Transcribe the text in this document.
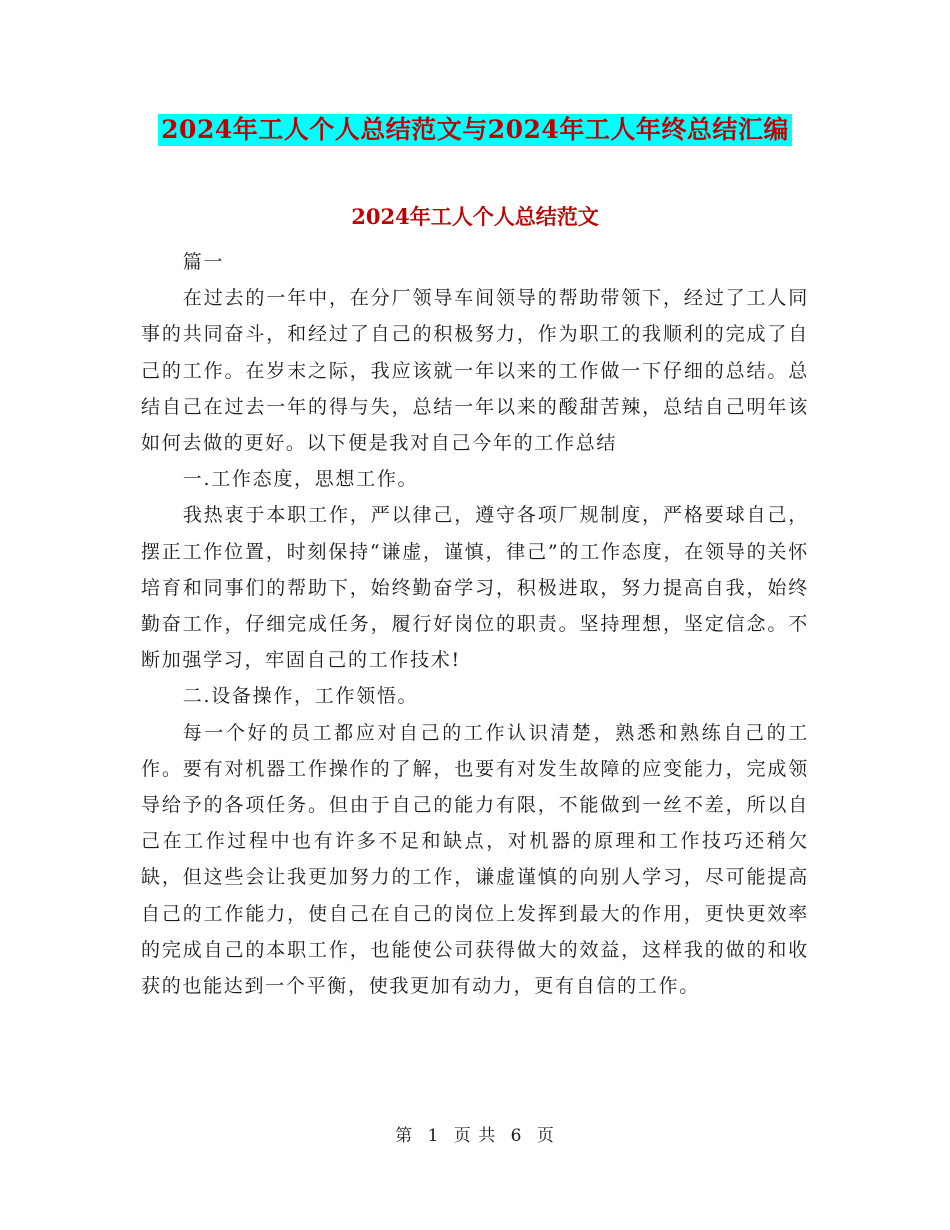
2024年工人个人总结范文与2024年工人年终总结汇编
2024年工人个人总结范文

篇一

在过去的一年中，在分厂领导车间领导的帮助带领下，经过了工人同事的共同奋斗，和经过了自己的积极努力，作为职工的我顺利的完成了自己的工作。在岁末之际，我应该就一年以来的工作做一下仔细的总结。总结自己在过去一年的得与失，总结一年以来的酸甜苦辣，总结自己明年该如何去做的更好。以下便是我对自己今年的工作总结

一.工作态度，思想工作。

我热衷于本职工作，严以律己，遵守各项厂规制度，严格要球自己，摆正工作位置，时刻保持“谦虚，谨慎，律己”的工作态度，在领导的关怀培育和同事们的帮助下，始终勤奋学习，积极进取，努力提高自我，始终勤奋工作，仔细完成任务，履行好岗位的职责。坚持理想，坚定信念。不断加强学习，牢固自己的工作技术!

二.设备操作，工作领悟。

每一个好的员工都应对自己的工作认识清楚，熟悉和熟练自己的工作。要有对机器工作操作的了解，也要有对发生故障的应变能力，完成领导给予的各项任务。但由于自己的能力有限，不能做到一丝不差，所以自己在工作过程中也有许多不足和缺点，对机器的原理和工作技巧还稍欠缺，但这些会让我更加努力的工作，谦虚谨慎的向别人学习，尽可能提高自己的工作能力，使自己在自己的岗位上发挥到最大的作用，更快更效率的完成自己的本职工作，也能使公司获得做大的效益，这样我的做的和收获的也能达到一个平衡，使我更加有动力，更有自信的工作。

第 1 页 共 6 页
